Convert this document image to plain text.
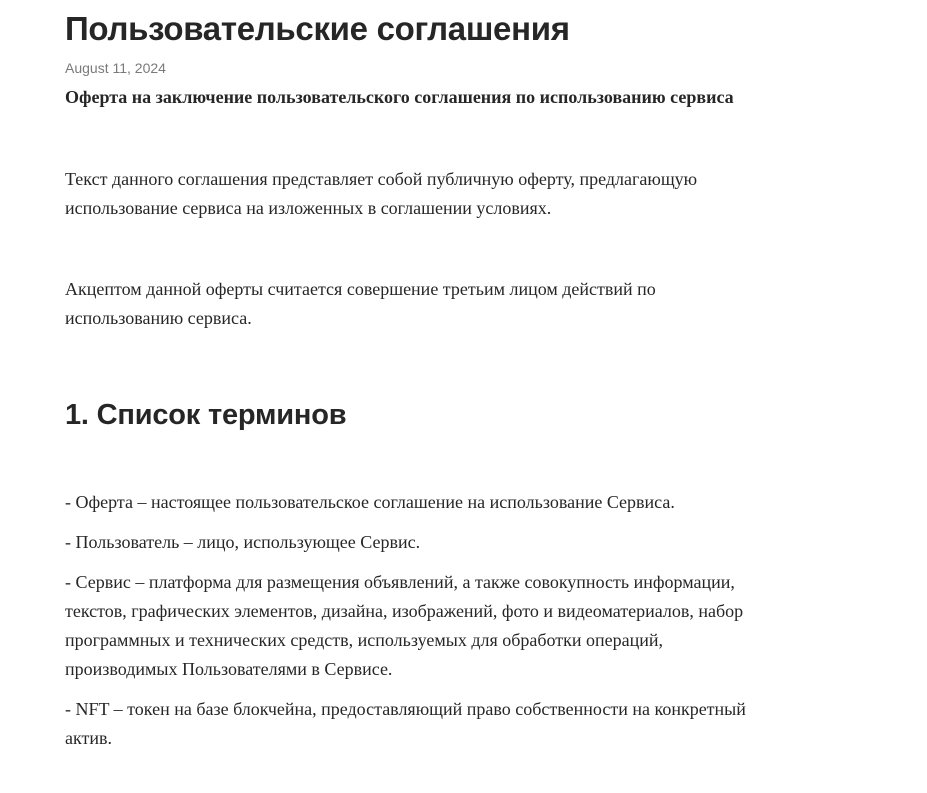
Пользовательские соглашения
August 11, 2024

Оферта на заключение пользовательского соглашения по использованию сервиса

Текст данного соглашения представляет собой публичную оферту, предлагающую использование сервиса на изложенных в соглашении условиях.

Акцептом данной оферты считается совершение третьим лицом действий по использованию сервиса.

1. Список терминов
- Оферта – настоящее пользовательское соглашение на использование Сервиса.
- Пользователь – лицо, использующее Сервис.
- Сервис – платформа для размещения объявлений, а также совокупность информации, текстов, графических элементов, дизайна, изображений, фото и видеоматериалов, набор программных и технических средств, используемых для обработки операций, производимых Пользователями в Сервисе.
- NFT – токен на базе блокчейна, предоставляющий право собственности на конкретный актив.
